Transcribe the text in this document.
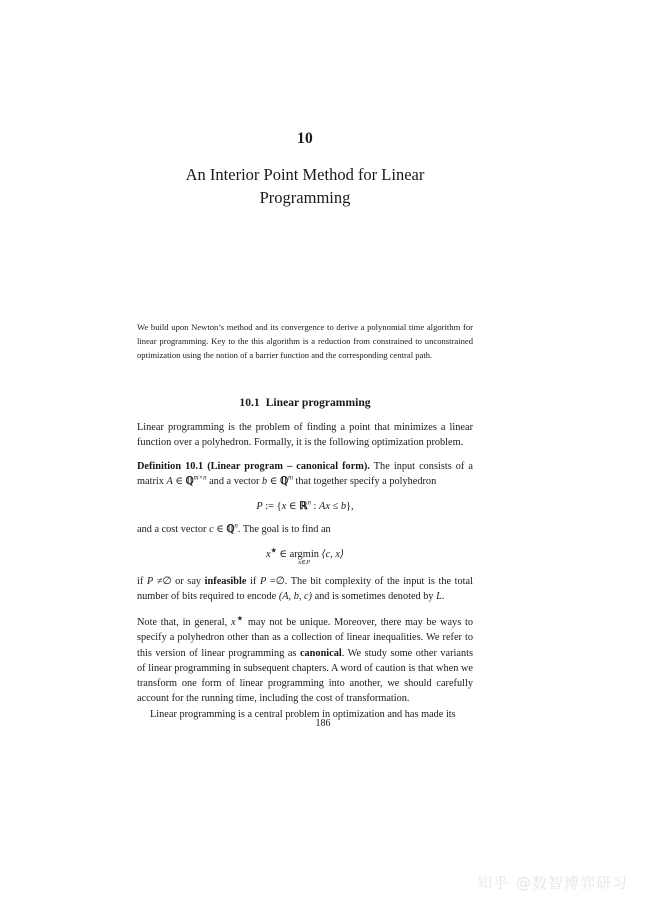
10
An Interior Point Method for Linear
Programming
We build upon Newton’s method and its convergence to derive a polynomial time algorithm for linear programming. Key to the this algorithm is a reduction from constrained to unconstrained optimization using the notion of a barrier function and the corresponding central path.
10.1 Linear programming

Linear programming is the problem of finding a point that minimizes a linear function over a polyhedron. Formally, it is the following optimization problem.

Definition 10.1 (Linear program – canonical form). The input consists of a matrix A ∈ ℚ$^{m\times n}$ and a vector b ∈ ℚ$^m$ that together specify a polyhedron

P := {x ∈ ℝ$^n$ : Ax ≤ b},

and a cost vector c ∈ ℚ$^n$. The goal is to find an

x★ ∈ argmin
x∈P
⟨c, x⟩

if P ≠∅ or say infeasible if P =∅. The bit complexity of the input is the total number of bits required to encode (A, b, c) and is sometimes denoted by L.

Note that, in general, x★ may not be unique. Moreover, there may be ways to specify a polyhedron other than as a collection of linear inequalities. We refer to this version of linear programming as canonical. We study some other variants of linear programming in subsequent chapters. A word of caution is that when we transform one form of linear programming into another, we should carefully account for the running time, including the cost of transformation.

Linear programming is a central problem in optimization and has made its

186
知乎 @数智博弈研习
